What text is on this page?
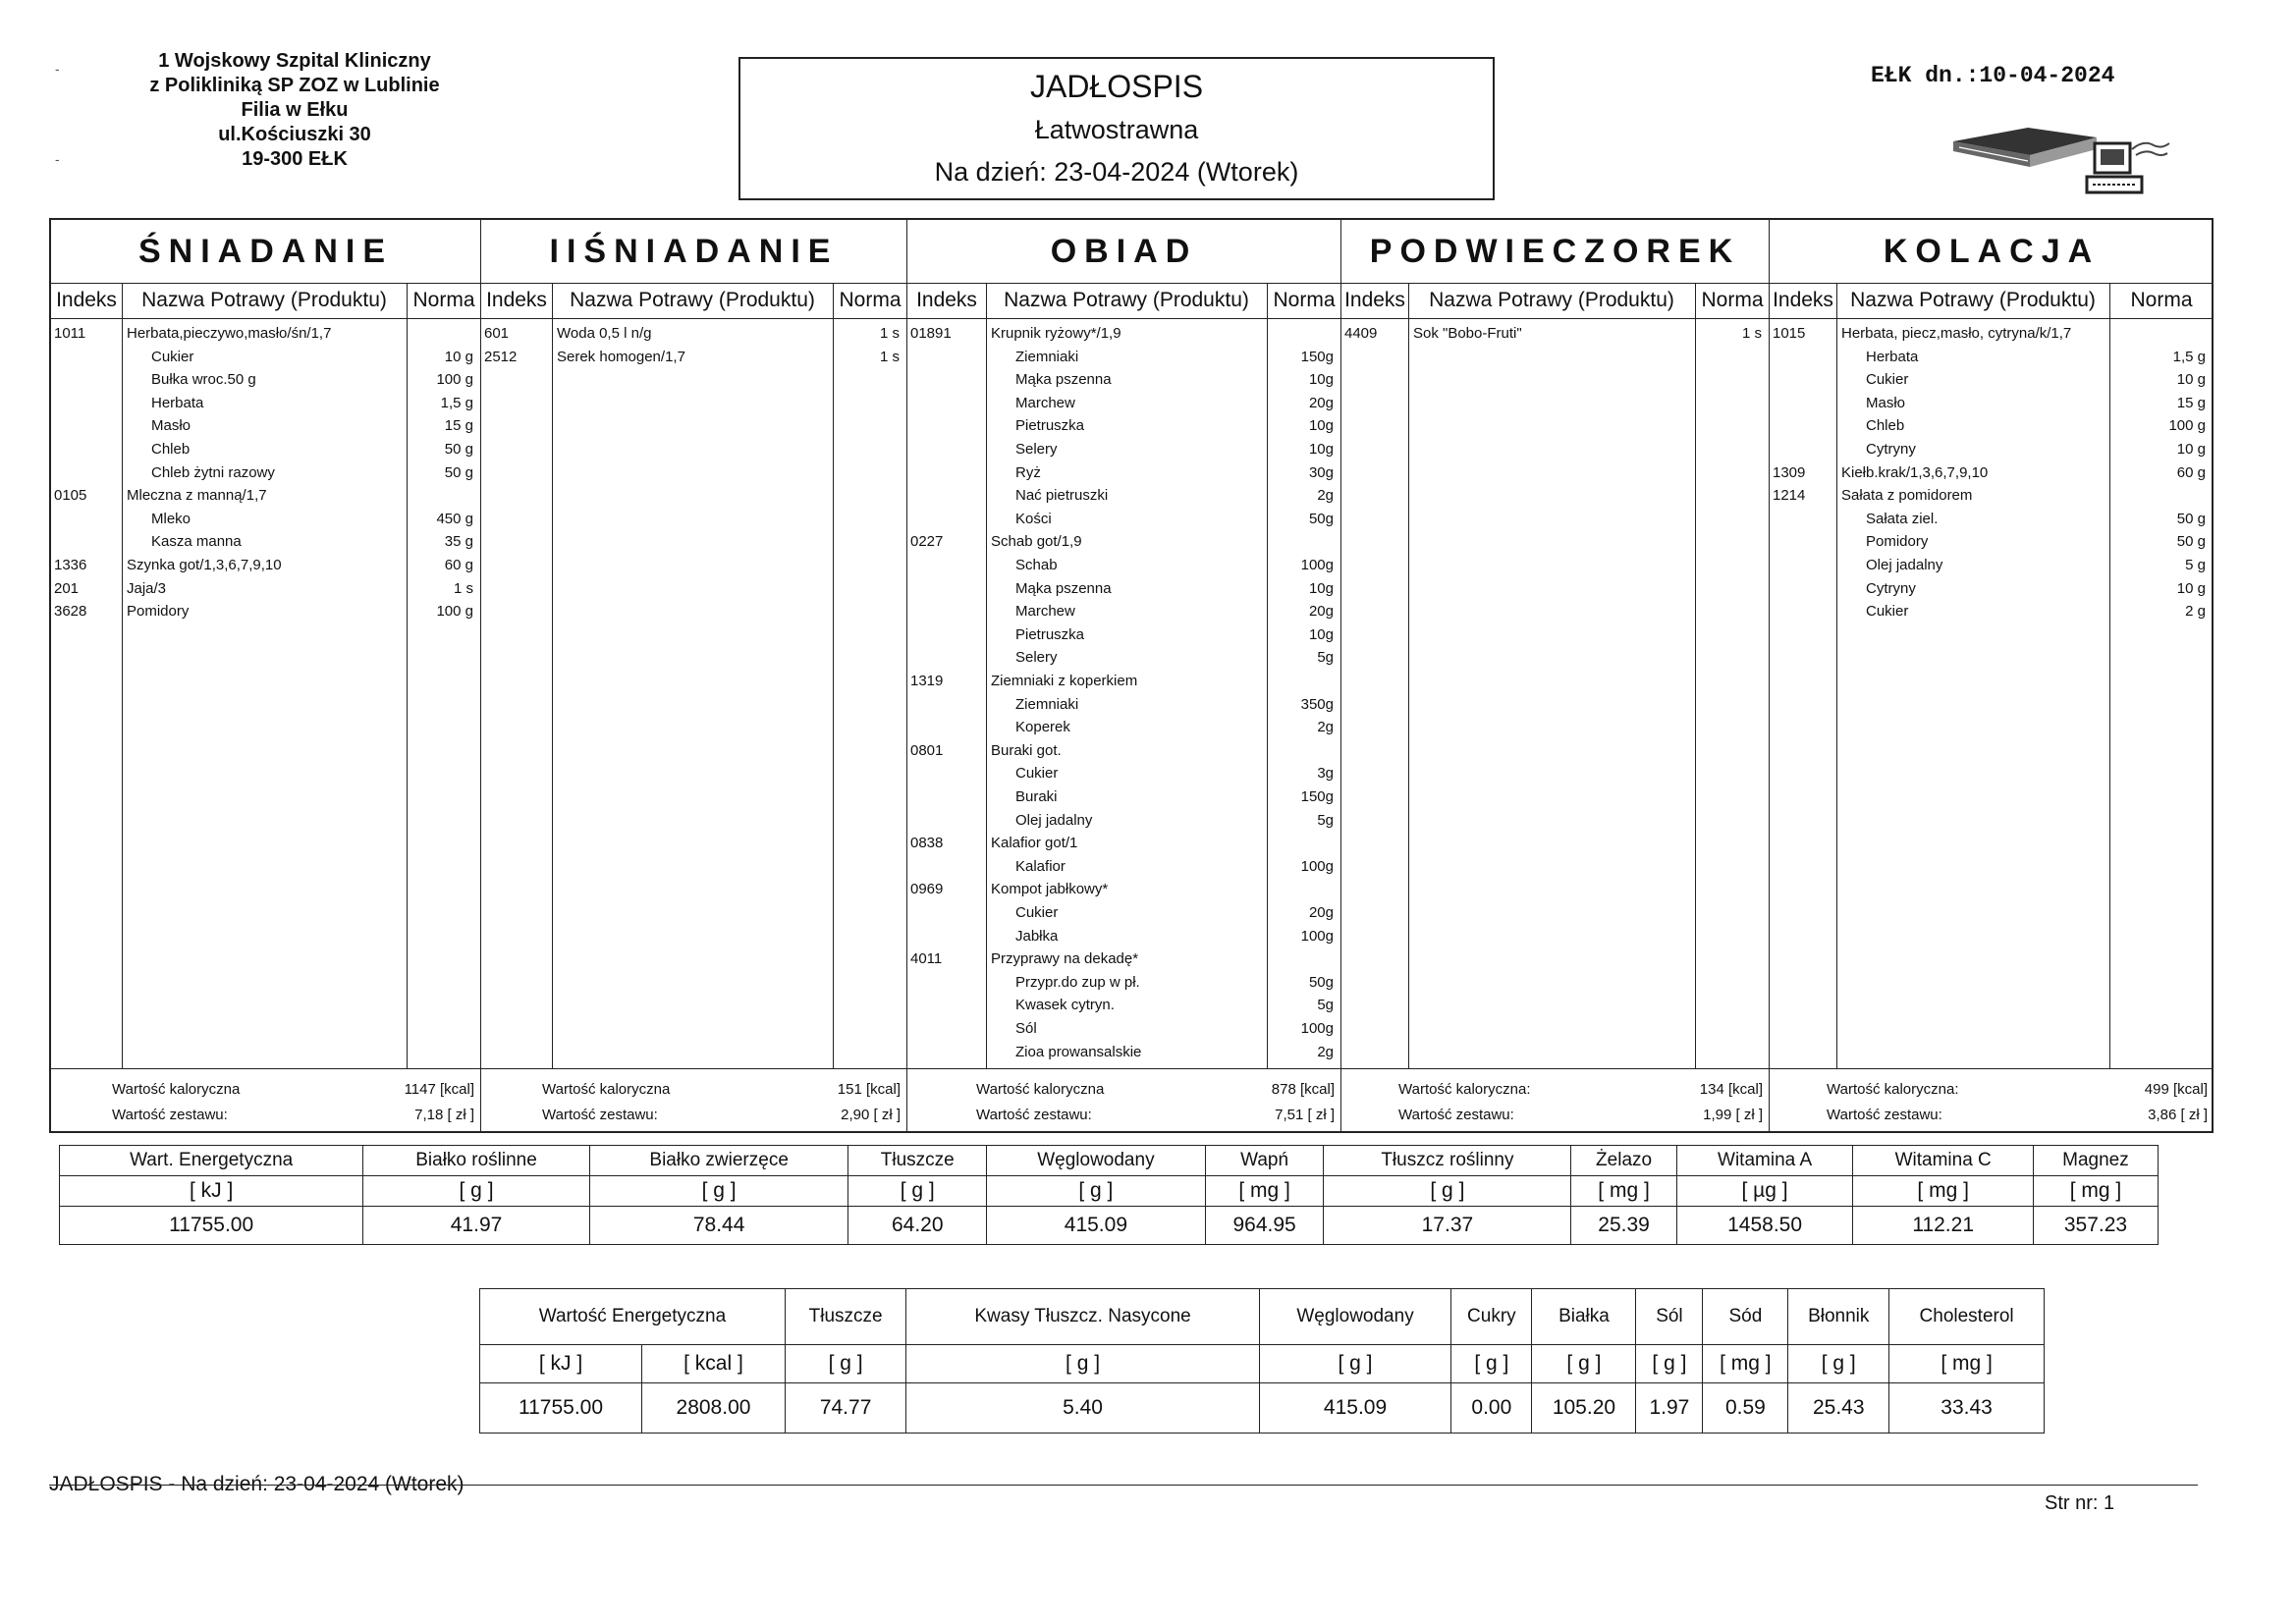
-
-
1 Wojskowy Szpital Kliniczny
z Polikliniką SP ZOZ w Lublinie
Filia w Ełku
ul.Kościuszki 30
19-300 EŁK
JADŁOSPIS
Łatwostrawna
Na dzień: 23-04-2024 (Wtorek)
EŁK dn.:10-04-2024
ŚNIADANIE
Indeks	Nazwa Potrawy (Produktu)	Norma
1011	Herbata,pieczywo,masło/śn/1,7
Cukier	10 g
Bułka wroc.50 g	100 g
Herbata	1,5 g
Masło	15 g
Chleb	50 g
Chleb żytni razowy	50 g
0105	Mleczna z manną/1,7
Mleko	450 g
Kasza manna	35 g
1336	Szynka got/1,3,6,7,9,10	60 g
201	Jaja/3	1 s
3628	Pomidory	100 g
Wartość kaloryczna	1147 [kcal]
Wartość zestawu:	7,18 [ zł ]
IIŚNIADANIE
Indeks	Nazwa Potrawy (Produktu)	Norma
601	Woda 0,5 l n/g	1 s
2512	Serek homogen/1,7	1 s
Wartość kaloryczna	151 [kcal]
Wartość zestawu:	2,90 [ zł ]
OBIAD
Indeks	Nazwa Potrawy (Produktu)	Norma
01891	Krupnik ryżowy*/1,9
Ziemniaki	150g
Mąka pszenna	10g
Marchew	20g
Pietruszka	10g
Selery	10g
Ryż	30g
Nać pietruszki	2g
Kości	50g
0227	Schab got/1,9
Schab	100g
Mąka pszenna	10g
Marchew	20g
Pietruszka	10g
Selery	5g
1319	Ziemniaki z koperkiem
Ziemniaki	350g
Koperek	2g
0801	Buraki got.
Cukier	3g
Buraki	150g
Olej jadalny	5g
0838	Kalafior got/1
Kalafior	100g
0969	Kompot jabłkowy*
Cukier	20g
Jabłka	100g
4011	Przyprawy na dekadę*
Przypr.do zup w pł.	50g
Kwasek cytryn.	5g
Sól	100g
Zioa prowansalskie	2g
Wartość kaloryczna	878 [kcal]
Wartość zestawu:	7,51 [ zł ]
PODWIECZOREK
Indeks	Nazwa Potrawy (Produktu)	Norma
4409 Sok "Bobo-Fruti"	1 s
Wartość kaloryczna:	134 [kcal]
Wartość zestawu:	1,99 [ zł ]
KOLACJA
Indeks Nazwa Potrawy (Produktu)	Norma
1015 Herbata, piecz,masło, cytryna/k/1,7
Herbata	1,5 g
Cukier	10 g
Masło	15 g
Chleb	100 g
Cytryny	10 g
1309 Kiełb.krak/1,3,6,7,9,10	60 g
1214 Sałata z pomidorem
Sałata ziel.	50 g
Pomidory	50 g
Olej jadalny	5 g
Cytryny	10 g
Cukier	2 g
Wartość kaloryczna:	499 [kcal]
Wartość zestawu:	3,86 [ zł ]
Wart. Energetyczna	Białko roślinne	Białko zwierzęce	Tłuszcze	Węglowodany	Wapń	Tłuszcz roślinny	Żelazo	Witamina A	Witamina C	Magnez
[ kJ ]	[ g ]	[ g ]	[ g ]	[ g ]	[ mg ]	[ g ]	[ mg ]	[ µg ]	[ mg ]	[ mg ]
11755.00	41.97	78.44	64.20	415.09	964.95	17.37	25.39	1458.50	112.21	357.23
Wartość Energetyczna		Tłuszcze	Kwasy Tłuszcz. Nasycone	Węglowodany	Cukry	Białka	Sól	Sód	Błonnik	Cholesterol
[ kJ ]	[ kcal ]	[ g ]	[ g ]	[ g ]	[ g ]	[ g ]	[ g ]	[ mg ]	[ g ]	[ mg ]
11755.00	2808.00	74.77	5.40	415.09	0.00	105.20	1.97	0.59	25.43	33.43
JADŁOSPIS - Na dzień: 23-04-2024 (Wtorek)
Str nr: 1
